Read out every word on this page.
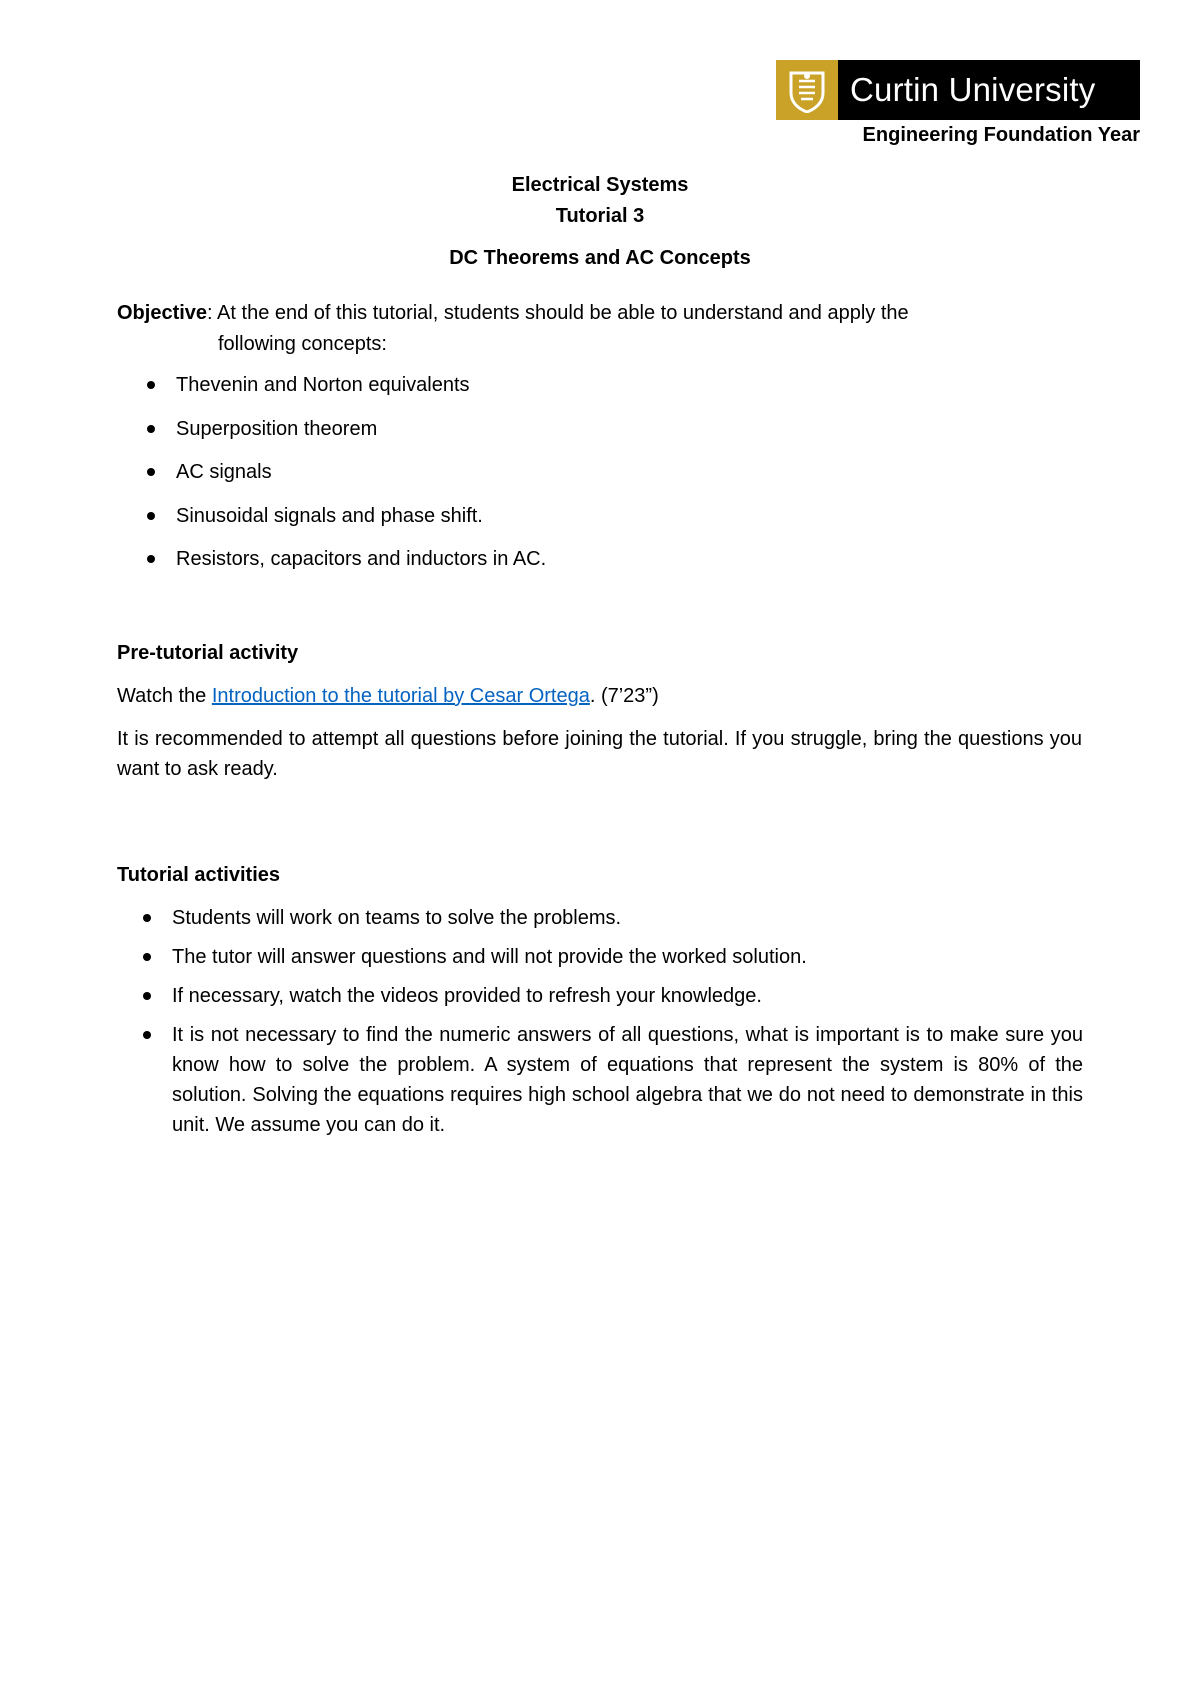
Curtin University
Engineering Foundation Year
Electrical Systems
Tutorial 3
DC Theorems and AC Concepts
Objective: At the end of this tutorial, students should be able to understand and apply the
following concepts:
Thevenin and Norton equivalents
Superposition theorem
AC signals
Sinusoidal signals and phase shift.
Resistors, capacitors and inductors in AC.
Pre-tutorial activity
Watch the Introduction to the tutorial by Cesar Ortega. (7’23”)
It is recommended to attempt all questions before joining the tutorial. If you struggle, bring the questions you want to ask ready.
Tutorial activities
Students will work on teams to solve the problems.
The tutor will answer questions and will not provide the worked solution.
If necessary, watch the videos provided to refresh your knowledge.
It is not necessary to find the numeric answers of all questions, what is important is to make sure you know how to solve the problem. A system of equations that represent the system is 80% of the solution. Solving the equations requires high school algebra that we do not need to demonstrate in this unit. We assume you can do it.
